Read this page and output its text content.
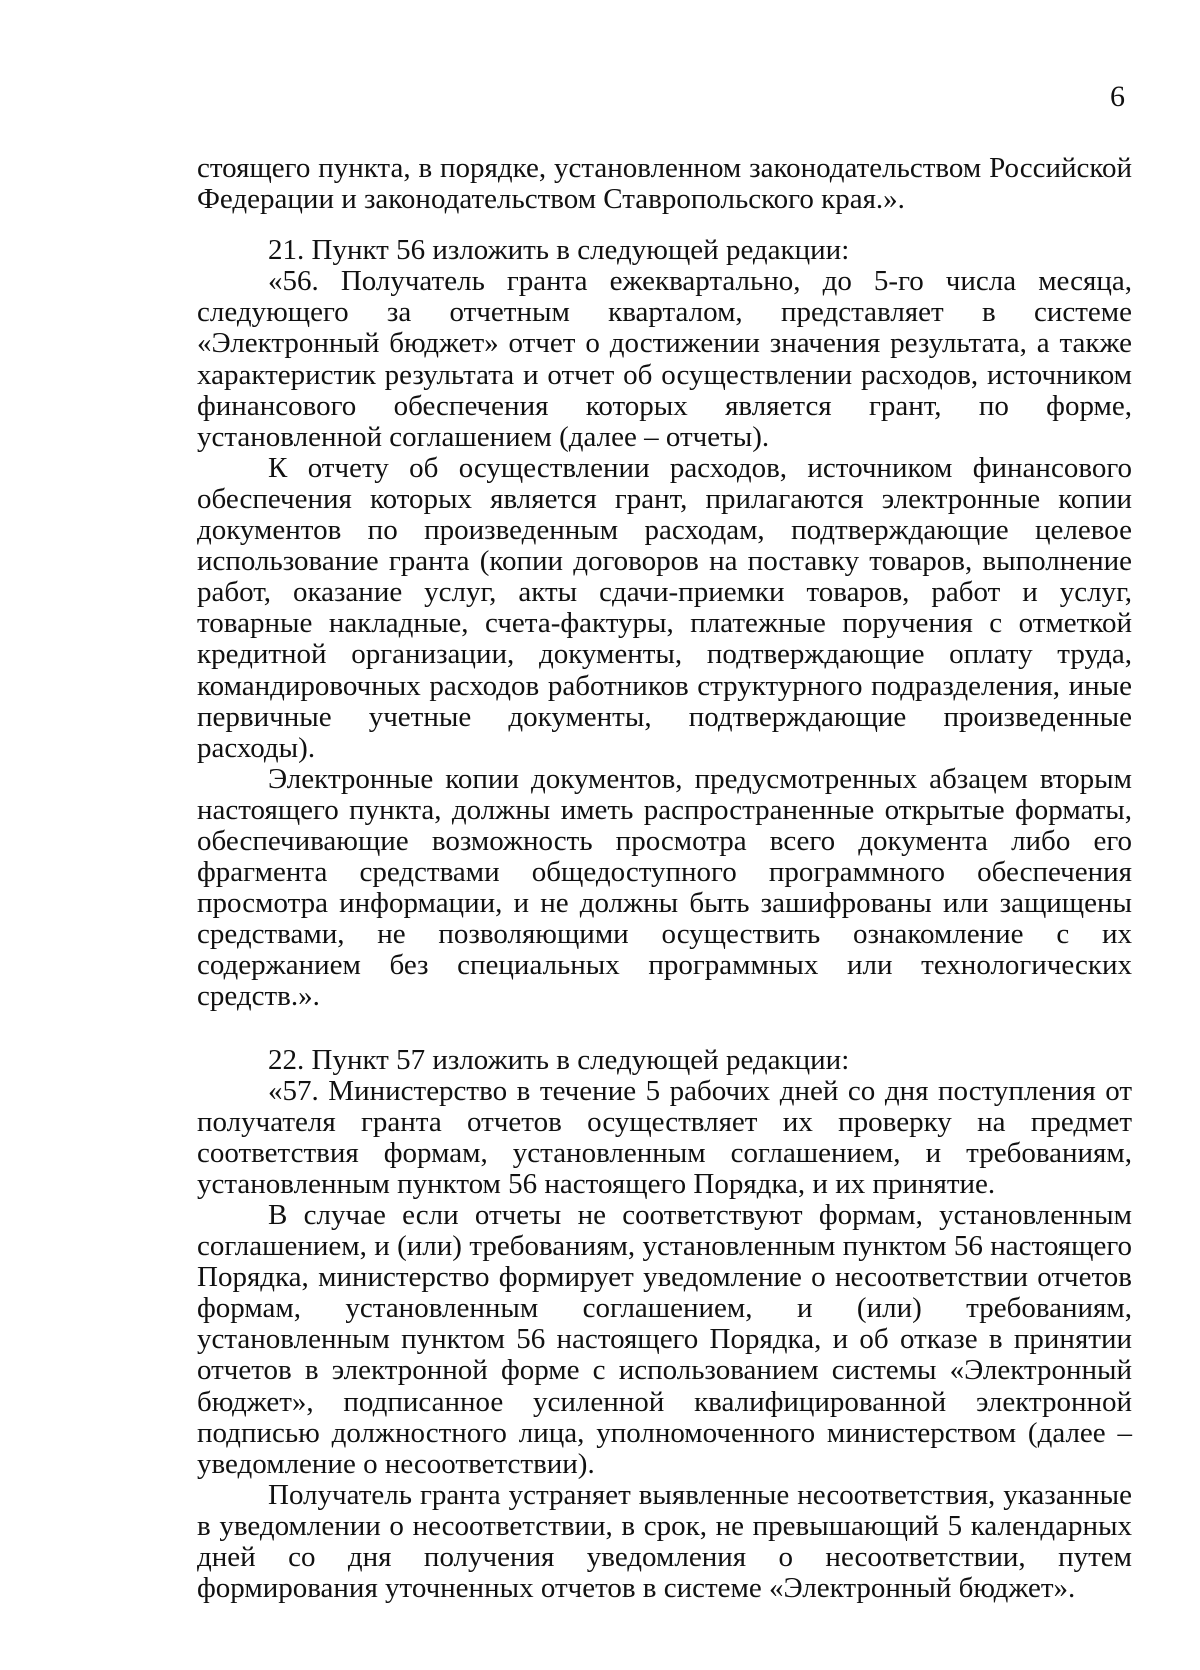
6

стоящего пункта, в порядке, установленном законодательством Российской Федерации и законодательством Ставропольского края.».

21. Пункт 56 изложить в следующей редакции:

«56. Получатель гранта ежеквартально, до 5-го числа месяца, следующего за отчетным кварталом, представляет в системе «Электронный бюджет» отчет о достижении значения результата, а также характеристик результата и отчет об осуществлении расходов, источником финансового обеспечения которых является грант, по форме, установленной соглашением (далее – отчеты).

К отчету об осуществлении расходов, источником финансового обеспечения которых является грант, прилагаются электронные копии документов по произведенным расходам, подтверждающие целевое использование гранта (копии договоров на поставку товаров, выполнение работ, оказание услуг, акты сдачи-приемки товаров, работ и услуг, товарные накладные, счета-фактуры, платежные поручения с отметкой кредитной организации, документы, подтверждающие оплату труда, командировочных расходов работников структурного подразделения, иные первичные учетные документы, подтверждающие произведенные расходы).

Электронные копии документов, предусмотренных абзацем вторым настоящего пункта, должны иметь распространенные открытые форматы, обеспечивающие возможность просмотра всего документа либо его фрагмента средствами общедоступного программного обеспечения просмотра информации, и не должны быть зашифрованы или защищены средствами, не позволяющими осуществить ознакомление с их содержанием без специальных программных или технологических средств.».

22. Пункт 57 изложить в следующей редакции:

«57. Министерство в течение 5 рабочих дней со дня поступления от получателя гранта отчетов осуществляет их проверку на предмет соответствия формам, установленным соглашением, и требованиям, установленным пунктом 56 настоящего Порядка, и их принятие.

В случае если отчеты не соответствуют формам, установленным соглашением, и (или) требованиям, установленным пунктом 56 настоящего Порядка, министерство формирует уведомление о несоответствии отчетов формам, установленным соглашением, и (или) требованиям, установленным пунктом 56 настоящего Порядка, и об отказе в принятии отчетов в электронной форме с использованием системы «Электронный бюджет», подписанное усиленной квалифицированной электронной подписью должностного лица, уполномоченного министерством (далее – уведомление о несоответствии).

Получатель гранта устраняет выявленные несоответствия, указанные в уведомлении о несоответствии, в срок, не превышающий 5 календарных дней со дня получения уведомления о несоответствии, путем формирования уточненных отчетов в системе «Электронный бюджет».
